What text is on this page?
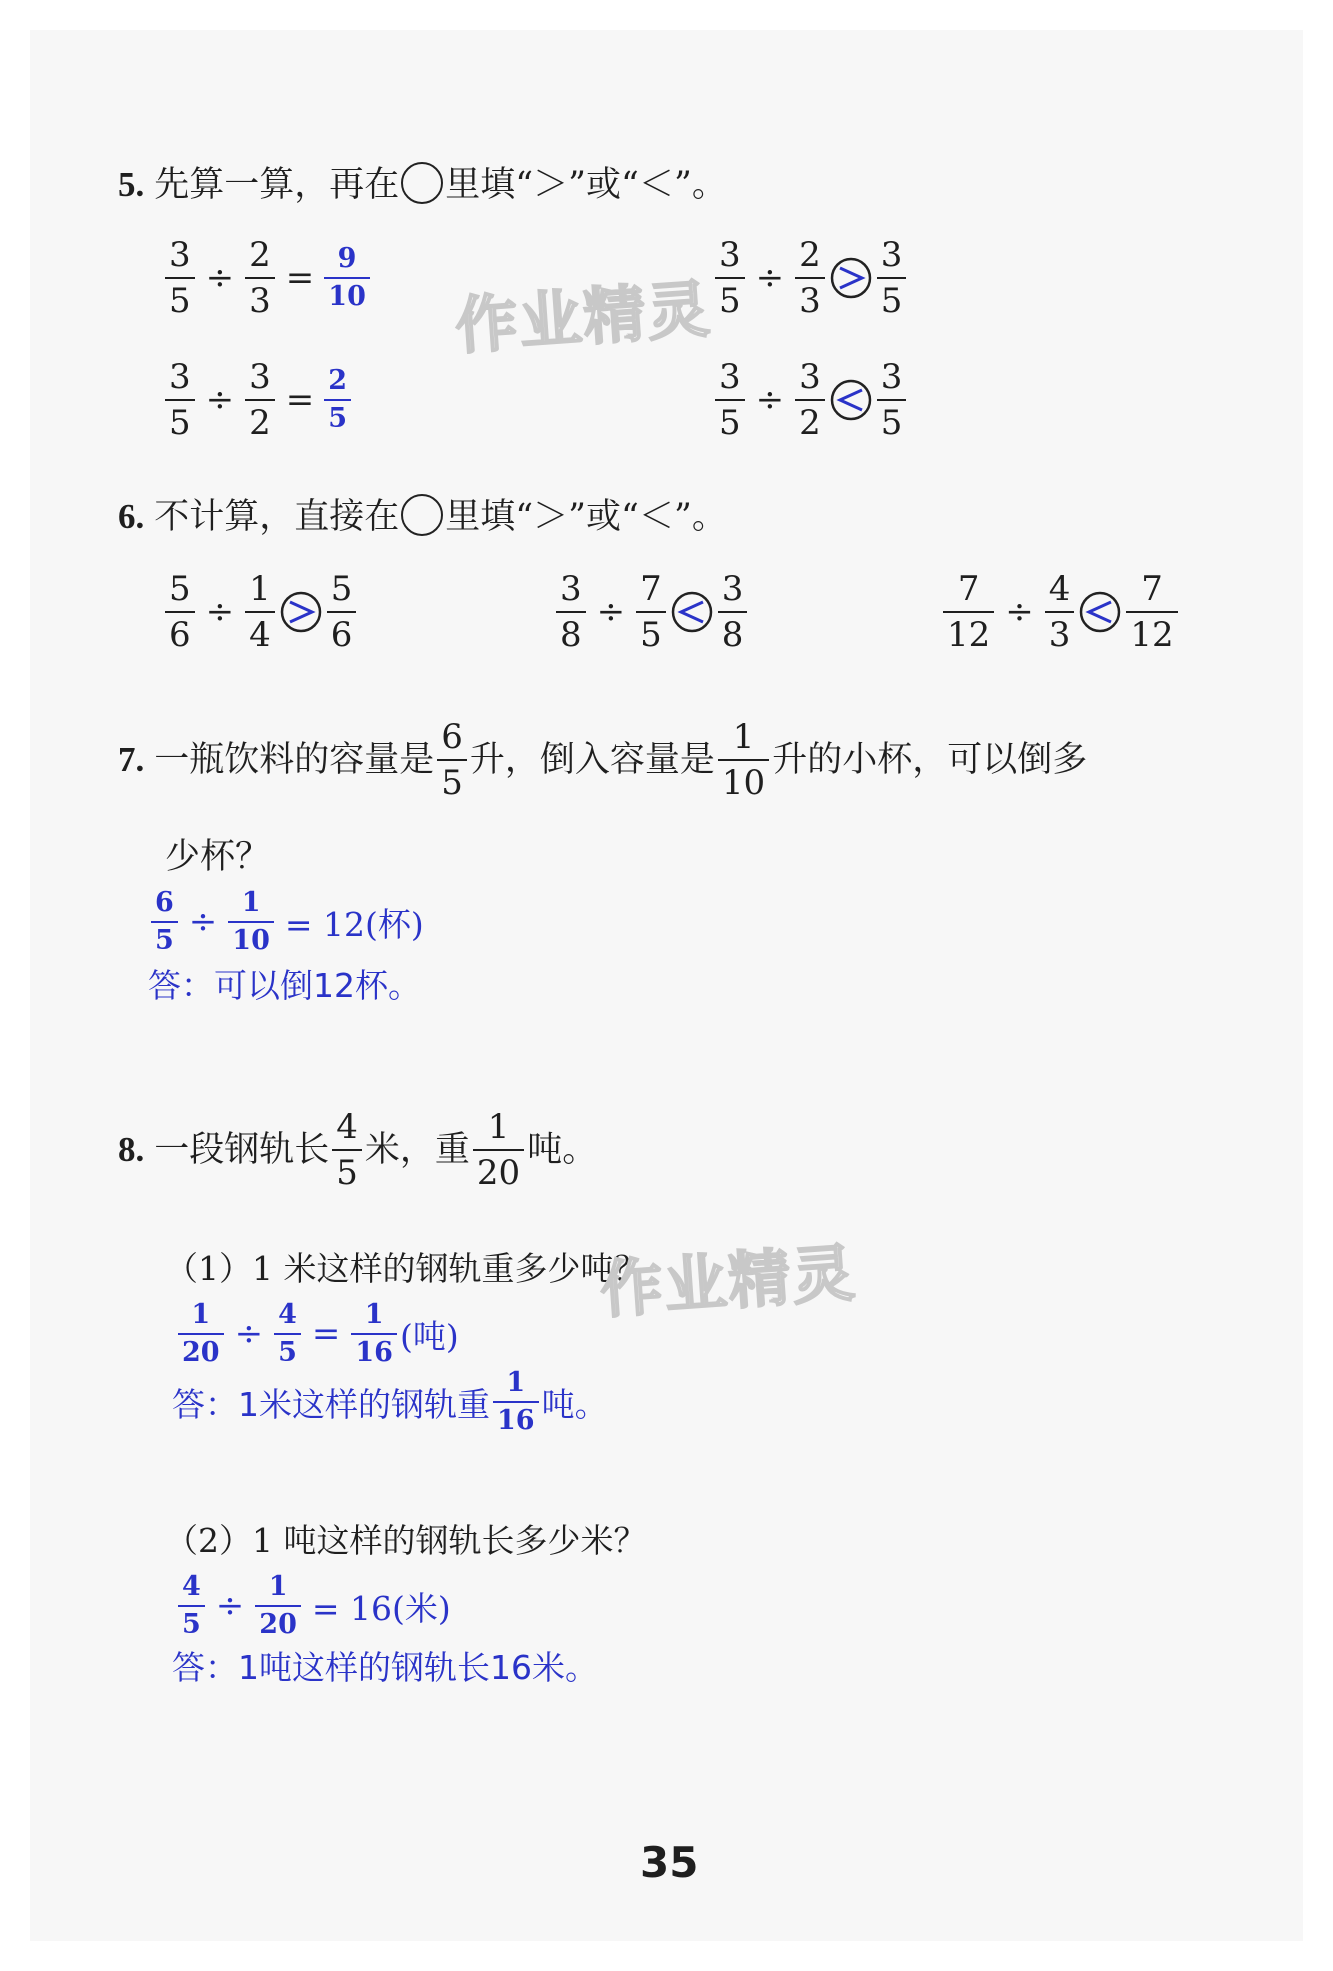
5. 先算一算，再在 里填“＞”或“＜”。
$\frac{3}{5} \div \frac{2}{3} = \frac{9}{10}$
$\frac{3}{5} \div \frac{3}{2} = \frac{2}{5}$
$\frac{3}{5} \div \frac{2}{3} \frac{3}{5}$
$\frac{3}{5} \div \frac{3}{2} \frac{3}{5}$
作业精灵
6. 不计算，直接在 里填“＞”或“＜”。
$\frac{5}{6} \div \frac{1}{4} \frac{5}{6}$	$\frac{3}{8} \div \frac{7}{5} \frac{3}{8}$	$\frac{7}{12} \div \frac{4}{3} \frac{7}{12}$
7. 一瓶饮料的容量是 $\frac{6}{5}$ 升，倒入容量是 $\frac{1}{10}$ 升的小杯，可以倒多
少杯？
$\frac{6}{5} \div \frac{1}{10} = 12$(杯)
答：可以倒12杯。
8. 一段钢轨长 $\frac{4}{5}$ 米，重 $\frac{1}{20}$ 吨。
（1）1 米这样的钢轨重多少吨？
作业精灵
$\frac{1}{20} \div \frac{4}{5} = \frac{1}{16}$ (吨)
答：1米这样的钢轨重 $\frac{1}{16}$ 吨。
（2）1 吨这样的钢轨长多少米？
$\frac{4}{5} \div \frac{1}{20} = 16$(米)
答：1吨这样的钢轨长16米。
35
